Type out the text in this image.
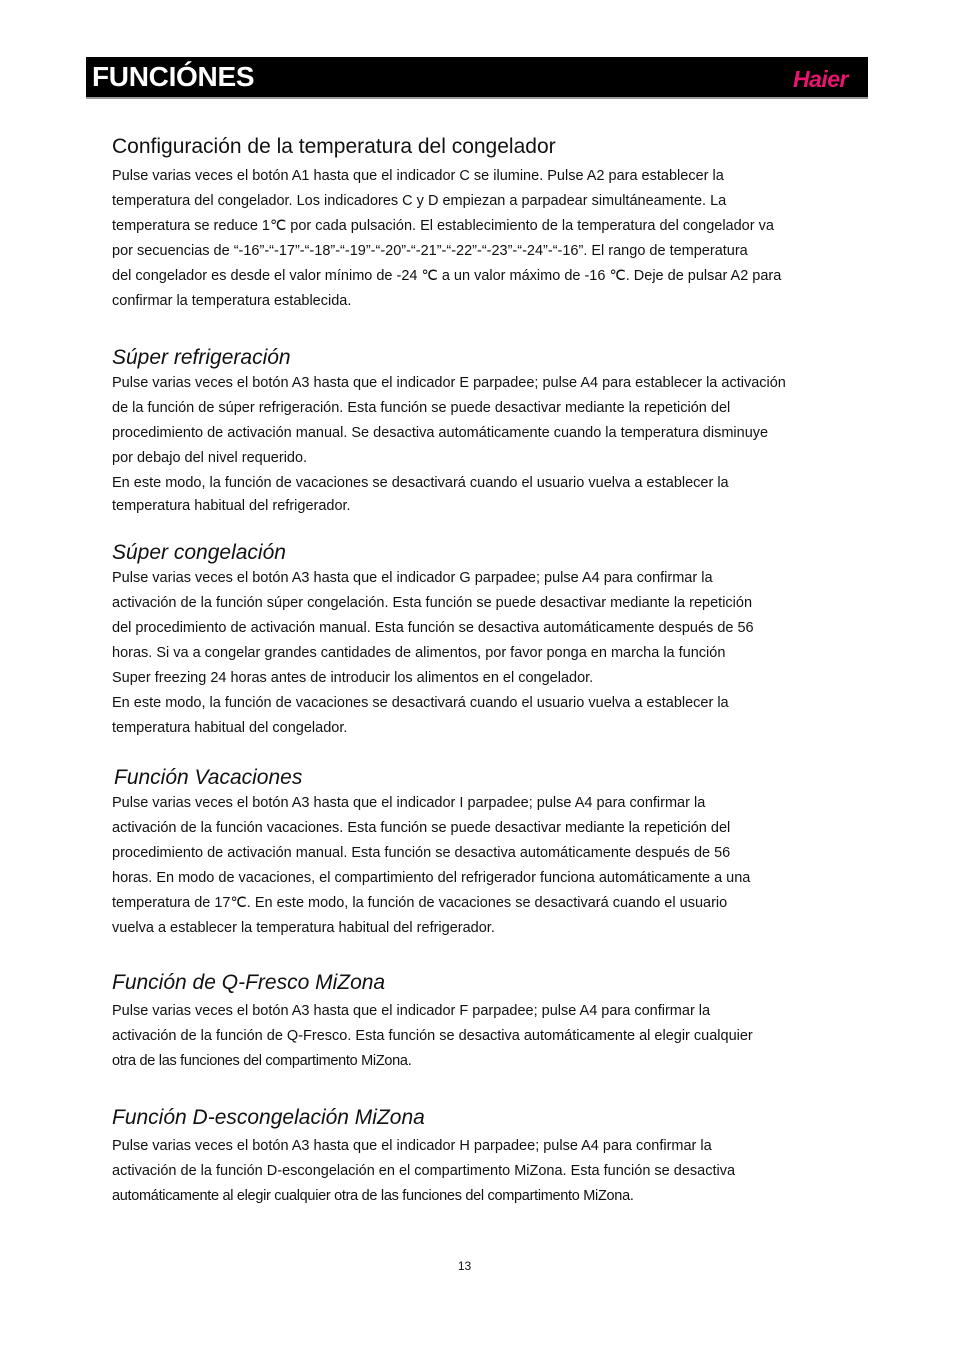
FUNCIÓNES	Haier
Configuración de la temperatura del congelador
Pulse varias veces el botón A1 hasta que el indicador C se ilumine. Pulse A2 para establecer la
temperatura del congelador. Los indicadores C y D empiezan a parpadear simultáneamente. La
temperatura se reduce 1℃ por cada pulsación. El establecimiento de la temperatura del congelador va
por secuencias de “-16”-“-17”-“-18”-“-19”-“-20”-“-21”-“-22”-“-23”-“-24”-“-16”. El rango de temperatura
del congelador es desde el valor mínimo de -24 ℃ a un valor máximo de -16 ℃. Deje de pulsar A2 para
confirmar la temperatura establecida.
Súper refrigeración
Pulse varias veces el botón A3 hasta que el indicador E parpadee; pulse A4 para establecer la activación
de la función de súper refrigeración. Esta función se puede desactivar mediante la repetición del
procedimiento de activación manual. Se desactiva automáticamente cuando la temperatura disminuye
por debajo del nivel requerido.
En este modo, la función de vacaciones se desactivará cuando el usuario vuelva a establecer la
temperatura habitual del refrigerador.
Súper congelación
Pulse varias veces el botón A3 hasta que el indicador G parpadee; pulse A4 para confirmar la
activación de la función súper congelación. Esta función se puede desactivar mediante la repetición
del procedimiento de activación manual. Esta función se desactiva automáticamente después de 56
horas. Si va a congelar grandes cantidades de alimentos, por favor ponga en marcha la función
Super freezing 24 horas antes de introducir los alimentos en el congelador.
En este modo, la función de vacaciones se desactivará cuando el usuario vuelva a establecer la
temperatura habitual del congelador.
Función Vacaciones
Pulse varias veces el botón A3 hasta que el indicador I parpadee; pulse A4 para confirmar la
activación de la función vacaciones. Esta función se puede desactivar mediante la repetición del
procedimiento de activación manual. Esta función se desactiva automáticamente después de 56
horas. En modo de vacaciones, el compartimiento del refrigerador funciona automáticamente a una
temperatura de 17℃. En este modo, la función de vacaciones se desactivará cuando el usuario
vuelva a establecer la temperatura habitual del refrigerador.
Función de Q-Fresco MiZona
Pulse varias veces el botón A3 hasta que el indicador F parpadee; pulse A4 para confirmar la
activación de la función de Q-Fresco. Esta función se desactiva automáticamente al elegir cualquier
otra de las funciones del compartimento MiZona.
Función D-escongelación MiZona
Pulse varias veces el botón A3 hasta que el indicador H parpadee; pulse A4 para confirmar la
activación de la función D-escongelación en el compartimento MiZona. Esta función se desactiva
automáticamente al elegir cualquier otra de las funciones del compartimento MiZona.
13
